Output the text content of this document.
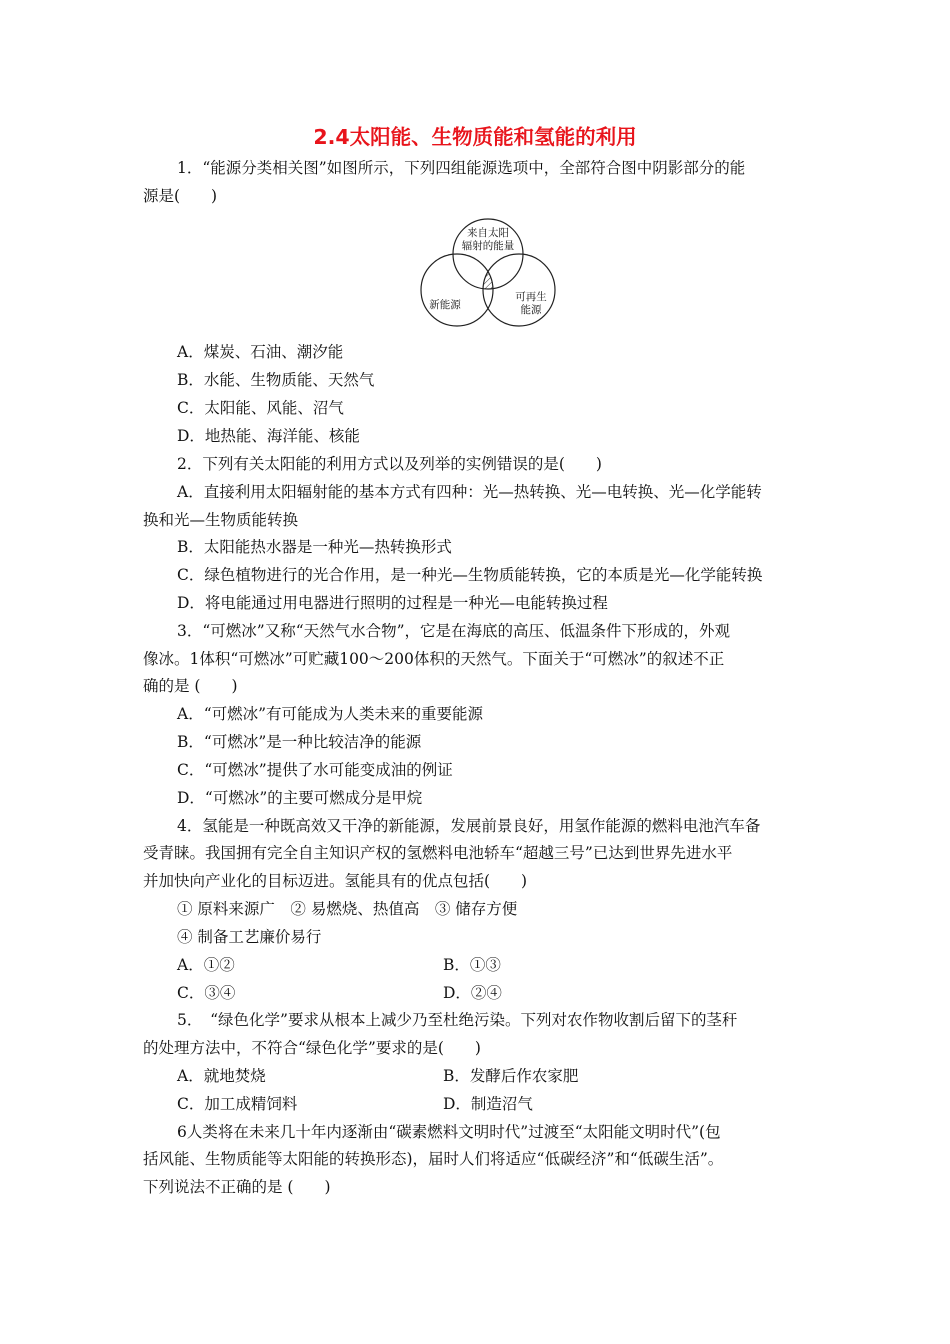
2.4太阳能、生物质能和氢能的利用
1．“能源分类相关图”如图所示，下列四组能源选项中，全部符合图中阴影部分的能
源是(　　)
来自太阳
辐射的能量
新能源
可再生
能源
A．煤炭、石油、潮汐能
B．水能、生物质能、天然气
C．太阳能、风能、沼气
D．地热能、海洋能、核能
2．下列有关太阳能的利用方式以及列举的实例错误的是(　　)
A．直接利用太阳辐射能的基本方式有四种：光—热转换、光—电转换、光—化学能转
换和光—生物质能转换
B．太阳能热水器是一种光—热转换形式
C．绿色植物进行的光合作用，是一种光—生物质能转换，它的本质是光—化学能转换
D．将电能通过用电器进行照明的过程是一种光—电能转换过程
3．“可燃冰”又称“天然气水合物”，它是在海底的高压、低温条件下形成的，外观
像冰。1体积“可燃冰”可贮藏100～200体积的天然气。下面关于“可燃冰”的叙述不正
确的是 (　　)
A．“可燃冰”有可能成为人类未来的重要能源
B．“可燃冰”是一种比较洁净的能源
C．“可燃冰”提供了水可能变成油的例证
D．“可燃冰”的主要可燃成分是甲烷
4．氢能是一种既高效又干净的新能源，发展前景良好，用氢作能源的燃料电池汽车备
受青睐。我国拥有完全自主知识产权的氢燃料电池轿车“超越三号”已达到世界先进水平
并加快向产业化的目标迈进。氢能具有的优点包括(　　)
① 原料来源广　② 易燃烧、热值高　③ 储存方便
④ 制备工艺廉价易行
A．①②	B．①③
C．③④	D．②④
5．　“绿色化学”要求从根本上减少乃至杜绝污染。下列对农作物收割后留下的茎秆
的处理方法中，不符合“绿色化学”要求的是(　　)
A．就地焚烧	B．发酵后作农家肥
C．加工成精饲料	D．制造沼气
6人类将在未来几十年内逐渐由“碳素燃料文明时代”过渡至“太阳能文明时代”(包
括风能、生物质能等太阳能的转换形态)，届时人们将适应“低碳经济”和“低碳生活”。
下列说法不正确的是 (　　)
